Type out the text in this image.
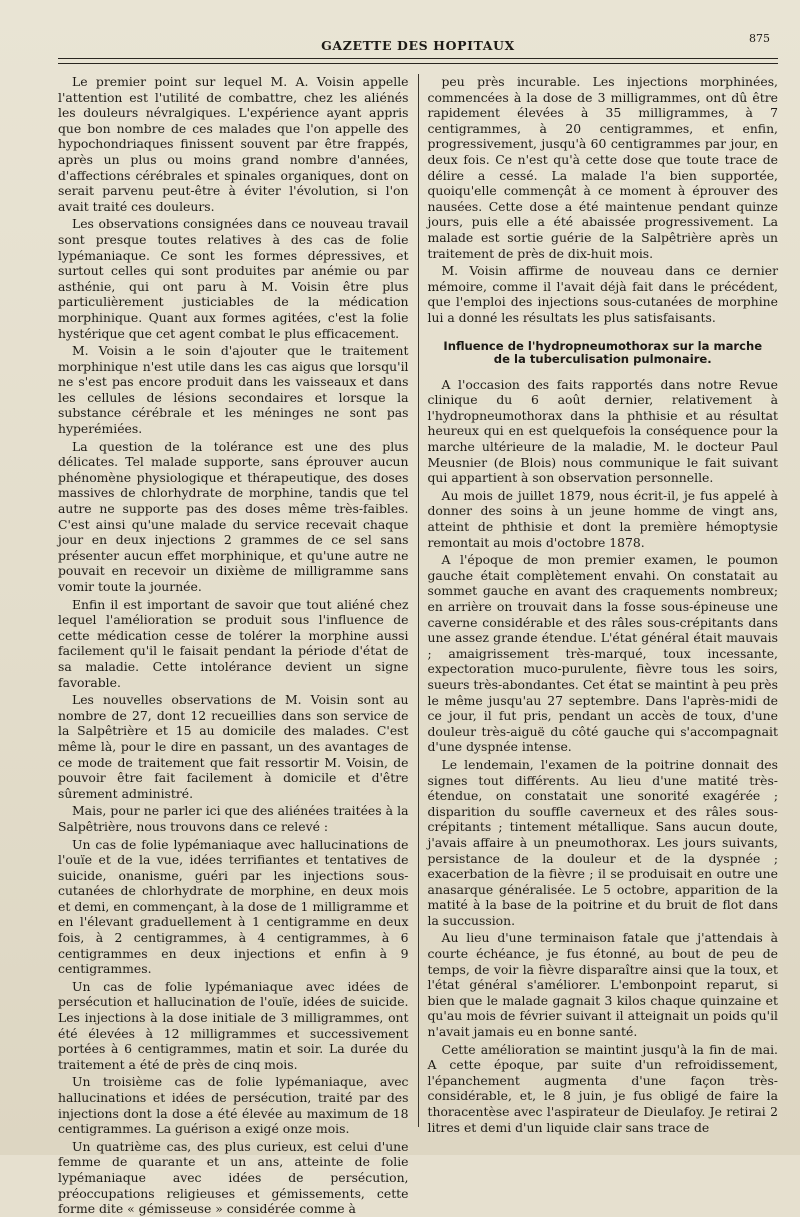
GAZETTE DES HOPITAUX	875

Le premier point sur lequel M. A. Voisin appelle l'attention est l'utilité de combattre, chez les aliénés les douleurs névralgiques. L'expérience ayant appris que bon nombre de ces malades que l'on appelle des hypochondriaques finissent souvent par être frappés, après un plus ou moins grand nombre d'années, d'affections cérébrales et spinales organiques, dont on serait parvenu peut-être à éviter l'évolution, si l'on avait traité ces douleurs.

Les observations consignées dans ce nouveau travail sont presque toutes relatives à des cas de folie lypémaniaque. Ce sont les formes dépressives, et surtout celles qui sont produites par anémie ou par asthénie, qui ont paru à M. Voisin être plus particulièrement justiciables de la médication morphinique. Quant aux formes agitées, c'est la folie hystérique que cet agent combat le plus efficacement.

M. Voisin a le soin d'ajouter que le traitement morphinique n'est utile dans les cas aigus que lorsqu'il ne s'est pas encore produit dans les vaisseaux et dans les cellules de lésions secondaires et lorsque la substance cérébrale et les méninges ne sont pas hyperémiées.

La question de la tolérance est une des plus délicates. Tel malade supporte, sans éprouver aucun phénomène physiologique et thérapeutique, des doses massives de chlorhydrate de morphine, tandis que tel autre ne supporte pas des doses même très-faibles. C'est ainsi qu'une malade du service recevait chaque jour en deux injections 2 grammes de ce sel sans présenter aucun effet morphinique, et qu'une autre ne pouvait en recevoir un dixième de milligramme sans vomir toute la journée.

Enfin il est important de savoir que tout aliéné chez lequel l'amélioration se produit sous l'influence de cette médication cesse de tolérer la morphine aussi facilement qu'il le faisait pendant la période d'état de sa maladie. Cette intolérance devient un signe favorable.

Les nouvelles observations de M. Voisin sont au nombre de 27, dont 12 recueillies dans son service de la Salpêtrière et 15 au domicile des malades. C'est même là, pour le dire en passant, un des avantages de ce mode de traitement que fait ressortir M. Voisin, de pouvoir être fait facilement à domicile et d'être sûrement administré.

Mais, pour ne parler ici que des aliénées traitées à la Salpêtrière, nous trouvons dans ce relevé :

Un cas de folie lypémaniaque avec hallucinations de l'ouïe et de la vue, idées terrifiantes et tentatives de suicide, onanisme, guéri par les injections sous-cutanées de chlorhydrate de morphine, en deux mois et demi, en commençant, à la dose de 1 milligramme et en l'élevant graduellement à 1 centigramme en deux fois, à 2 centigrammes, à 4 centigrammes, à 6 centigrammes en deux injections et enfin à 9 centigrammes.

Un cas de folie lypémaniaque avec idées de persécution et hallucination de l'ouïe, idées de suicide. Les injections à la dose initiale de 3 milligrammes, ont été élevées à 12 milligrammes et successivement portées à 6 centigrammes, matin et soir. La durée du traitement a été de près de cinq mois.

Un troisième cas de folie lypémaniaque, avec hallucinations et idées de persécution, traité par des injections dont la dose a été élevée au maximum de 18 centigrammes. La guérison a exigé onze mois.

Un quatrième cas, des plus curieux, est celui d'une femme de quarante et un ans, atteinte de folie lypémaniaque avec idées de persécution, préoccupations religieuses et gémissements, cette forme dite « gémisseuse » considérée comme à

peu près incurable. Les injections morphinées, commencées à la dose de 3 milligrammes, ont dû être rapidement élevées à 35 milligrammes, à 7 centigrammes, à 20 centigrammes, et enfin, progressivement, jusqu'à 60 centigrammes par jour, en deux fois. Ce n'est qu'à cette dose que toute trace de délire a cessé. La malade l'a bien supportée, quoiqu'elle commençât à ce moment à éprouver des nausées. Cette dose a été maintenue pendant quinze jours, puis elle a été abaissée progressivement. La malade est sortie guérie de la Salpêtrière après un traitement de près de dix-huit mois.

M. Voisin affirme de nouveau dans ce dernier mémoire, comme il l'avait déjà fait dans le précédent, que l'emploi des injections sous-cutanées de morphine lui a donné les résultats les plus satisfaisants.

Influence de l'hydropneumothorax sur la marche de la tuberculisation pulmonaire.

A l'occasion des faits rapportés dans notre Revue clinique du 6 août dernier, relativement à l'hydropneumothorax dans la phthisie et au résultat heureux qui en est quelquefois la conséquence pour la marche ultérieure de la maladie, M. le docteur Paul Meusnier (de Blois) nous communique le fait suivant qui appartient à son observation personnelle.

Au mois de juillet 1879, nous écrit-il, je fus appelé à donner des soins à un jeune homme de vingt ans, atteint de phthisie et dont la première hémoptysie remontait au mois d'octobre 1878.

A l'époque de mon premier examen, le poumon gauche était complètement envahi. On constatait au sommet gauche en avant des craquements nombreux; en arrière on trouvait dans la fosse sous-épineuse une caverne considérable et des râles sous-crépitants dans une assez grande étendue. L'état général était mauvais ; amaigrissement très-marqué, toux incessante, expectoration muco-purulente, fièvre tous les soirs, sueurs très-abondantes. Cet état se maintint à peu près le même jusqu'au 27 septembre. Dans l'après-midi de ce jour, il fut pris, pendant un accès de toux, d'une douleur très-aiguë du côté gauche qui s'accompagnait d'une dyspnée intense.

Le lendemain, l'examen de la poitrine donnait des signes tout différents. Au lieu d'une matité très-étendue, on constatait une sonorité exagérée ; disparition du souffle caverneux et des râles sous-crépitants ; tintement métallique. Sans aucun doute, j'avais affaire à un pneumothorax. Les jours suivants, persistance de la douleur et de la dyspnée ; exacerbation de la fièvre ; il se produisait en outre une anasarque généralisée. Le 5 octobre, apparition de la matité à la base de la poitrine et du bruit de flot dans la succussion.

Au lieu d'une terminaison fatale que j'attendais à courte échéance, je fus étonné, au bout de peu de temps, de voir la fièvre disparaître ainsi que la toux, et l'état général s'améliorer. L'embonpoint reparut, si bien que le malade gagnait 3 kilos chaque quinzaine et qu'au mois de février suivant il atteignait un poids qu'il n'avait jamais eu en bonne santé.

Cette amélioration se maintint jusqu'à la fin de mai. A cette époque, par suite d'un refroidissement, l'épanchement augmenta d'une façon très-considérable, et, le 8 juin, je fus obligé de faire la thoracentèse avec l'aspirateur de Dieulafoy. Je retirai 2 litres et demi d'un liquide clair sans trace de
